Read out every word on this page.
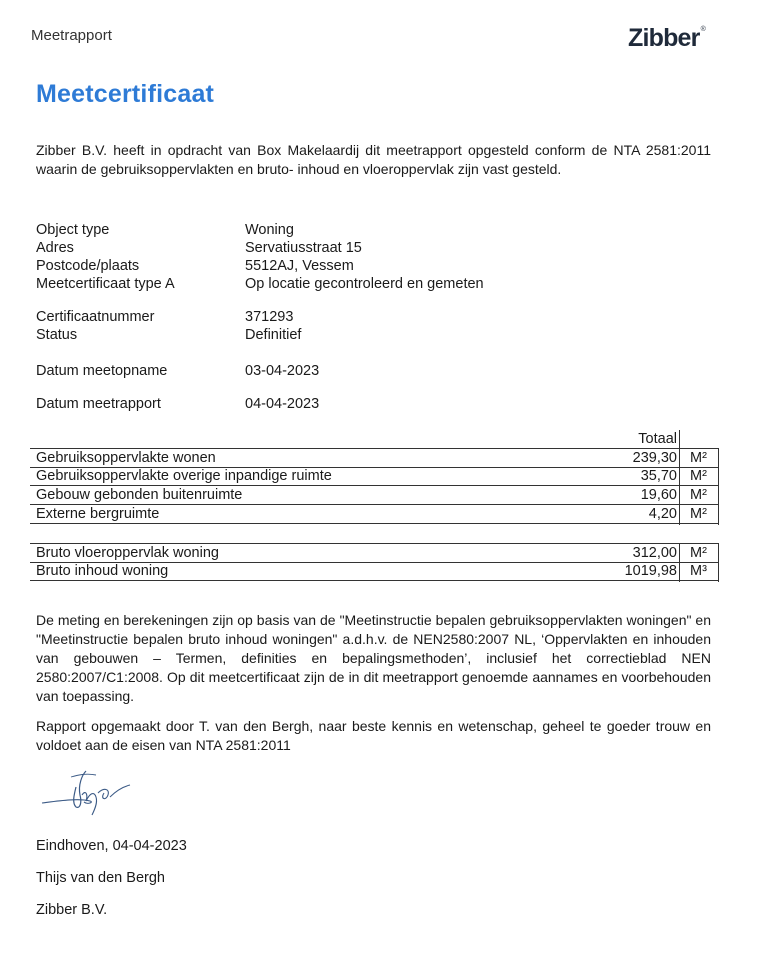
Meetrapport	Zibber®
Meetcertificaat
Zibber B.V. heeft in opdracht van Box Makelaardij dit meetrapport opgesteld conform de NTA 2581:2011 waarin de gebruiksoppervlakten en bruto- inhoud en vloeroppervlak zijn vast gesteld.
Object type	Woning
Adres	Servatiusstraat 15
Postcode/plaats	5512AJ, Vessem
Meetcertificaat type A	Op locatie gecontroleerd en gemeten
Certificaatnummer	371293
Status	Definitief
Datum meetopname	03-04-2023
Datum meetrapport	04-04-2023
Totaal
Gebruiksoppervlakte wonen	239,30 M²
Gebruiksoppervlakte overige inpandige ruimte	35,70 M²
Gebouw gebonden buitenruimte	19,60 M²
Externe bergruimte	4,20 M²
Bruto vloeroppervlak woning	312,00 M²
Bruto inhoud woning	1019,98 M³
De meting en berekeningen zijn op basis van de "Meetinstructie bepalen gebruiksoppervlakten woningen" en "Meetinstructie bepalen bruto inhoud woningen" a.d.h.v. de NEN2580:2007 NL, ‘Oppervlakten en inhouden van gebouwen – Termen, definities en bepalingsmethoden’, inclusief het correctieblad NEN 2580:2007/C1:2008. Op dit meetcertificaat zijn de in dit meetrapport genoemde aannames en voorbehouden van toepassing.
Rapport opgemaakt door T. van den Bergh, naar beste kennis en wetenschap, geheel te goeder trouw en voldoet aan de eisen van NTA 2581:2011
Eindhoven, 04-04-2023
Thijs van den Bergh
Zibber B.V.
